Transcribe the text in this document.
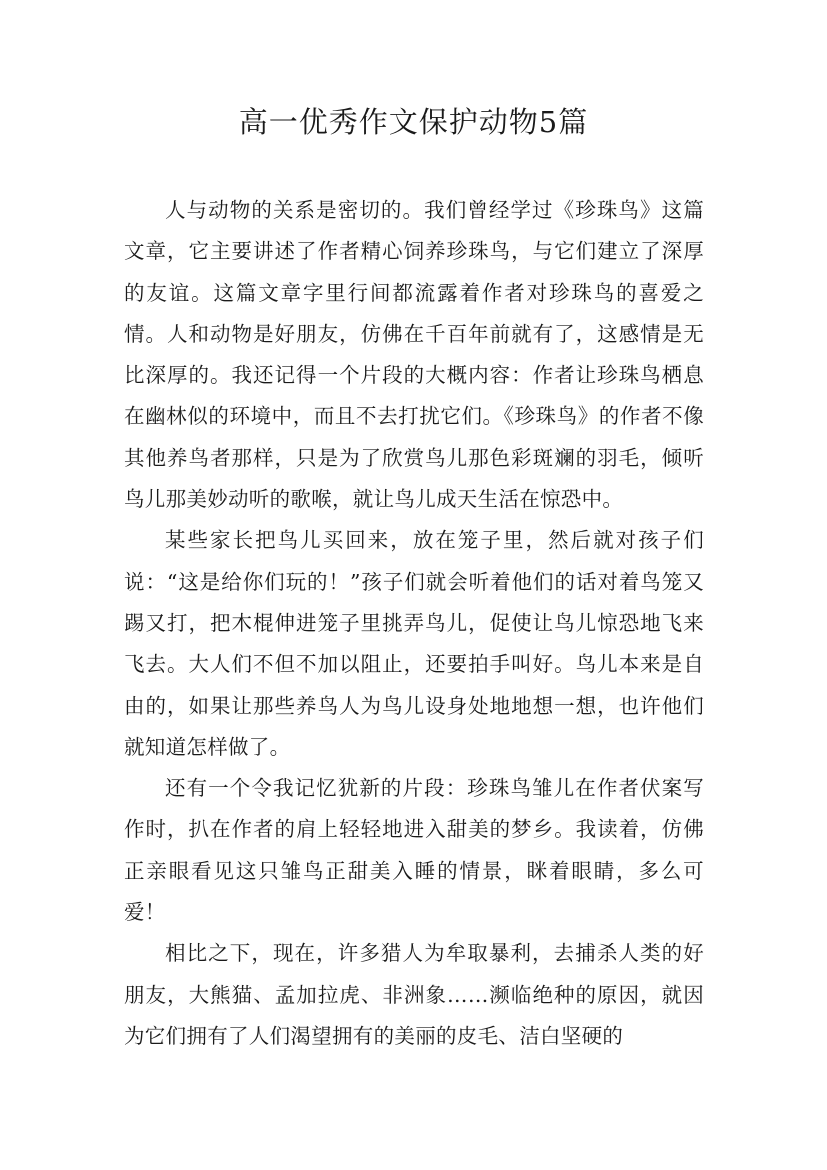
高一优秀作文保护动物5篇

人与动物的关系是密切的。我们曾经学过《珍珠鸟》这篇文章，它主要讲述了作者精心饲养珍珠鸟，与它们建立了深厚的友谊。这篇文章字里行间都流露着作者对珍珠鸟的喜爱之情。人和动物是好朋友，仿佛在千百年前就有了，这感情是无比深厚的。我还记得一个片段的大概内容：作者让珍珠鸟栖息在幽林似的环境中，而且不去打扰它们。《珍珠鸟》的作者不像其他养鸟者那样，只是为了欣赏鸟儿那色彩斑斓的羽毛，倾听鸟儿那美妙动听的歌喉，就让鸟儿成天生活在惊恐中。

某些家长把鸟儿买回来，放在笼子里，然后就对孩子们说：“这是给你们玩的！”孩子们就会听着他们的话对着鸟笼又踢又打，把木棍伸进笼子里挑弄鸟儿，促使让鸟儿惊恐地飞来飞去。大人们不但不加以阻止，还要拍手叫好。鸟儿本来是自由的，如果让那些养鸟人为鸟儿设身处地地想一想，也许他们就知道怎样做了。

还有一个令我记忆犹新的片段：珍珠鸟雏儿在作者伏案写作时，扒在作者的肩上轻轻地进入甜美的梦乡。我读着，仿佛正亲眼看见这只雏鸟正甜美入睡的情景，眯着眼睛，多么可爱！

相比之下，现在，许多猎人为牟取暴利，去捕杀人类的好朋友，大熊猫、孟加拉虎、非洲象……濒临绝种的原因，就因为它们拥有了人们渴望拥有的美丽的皮毛、洁白坚硬的
